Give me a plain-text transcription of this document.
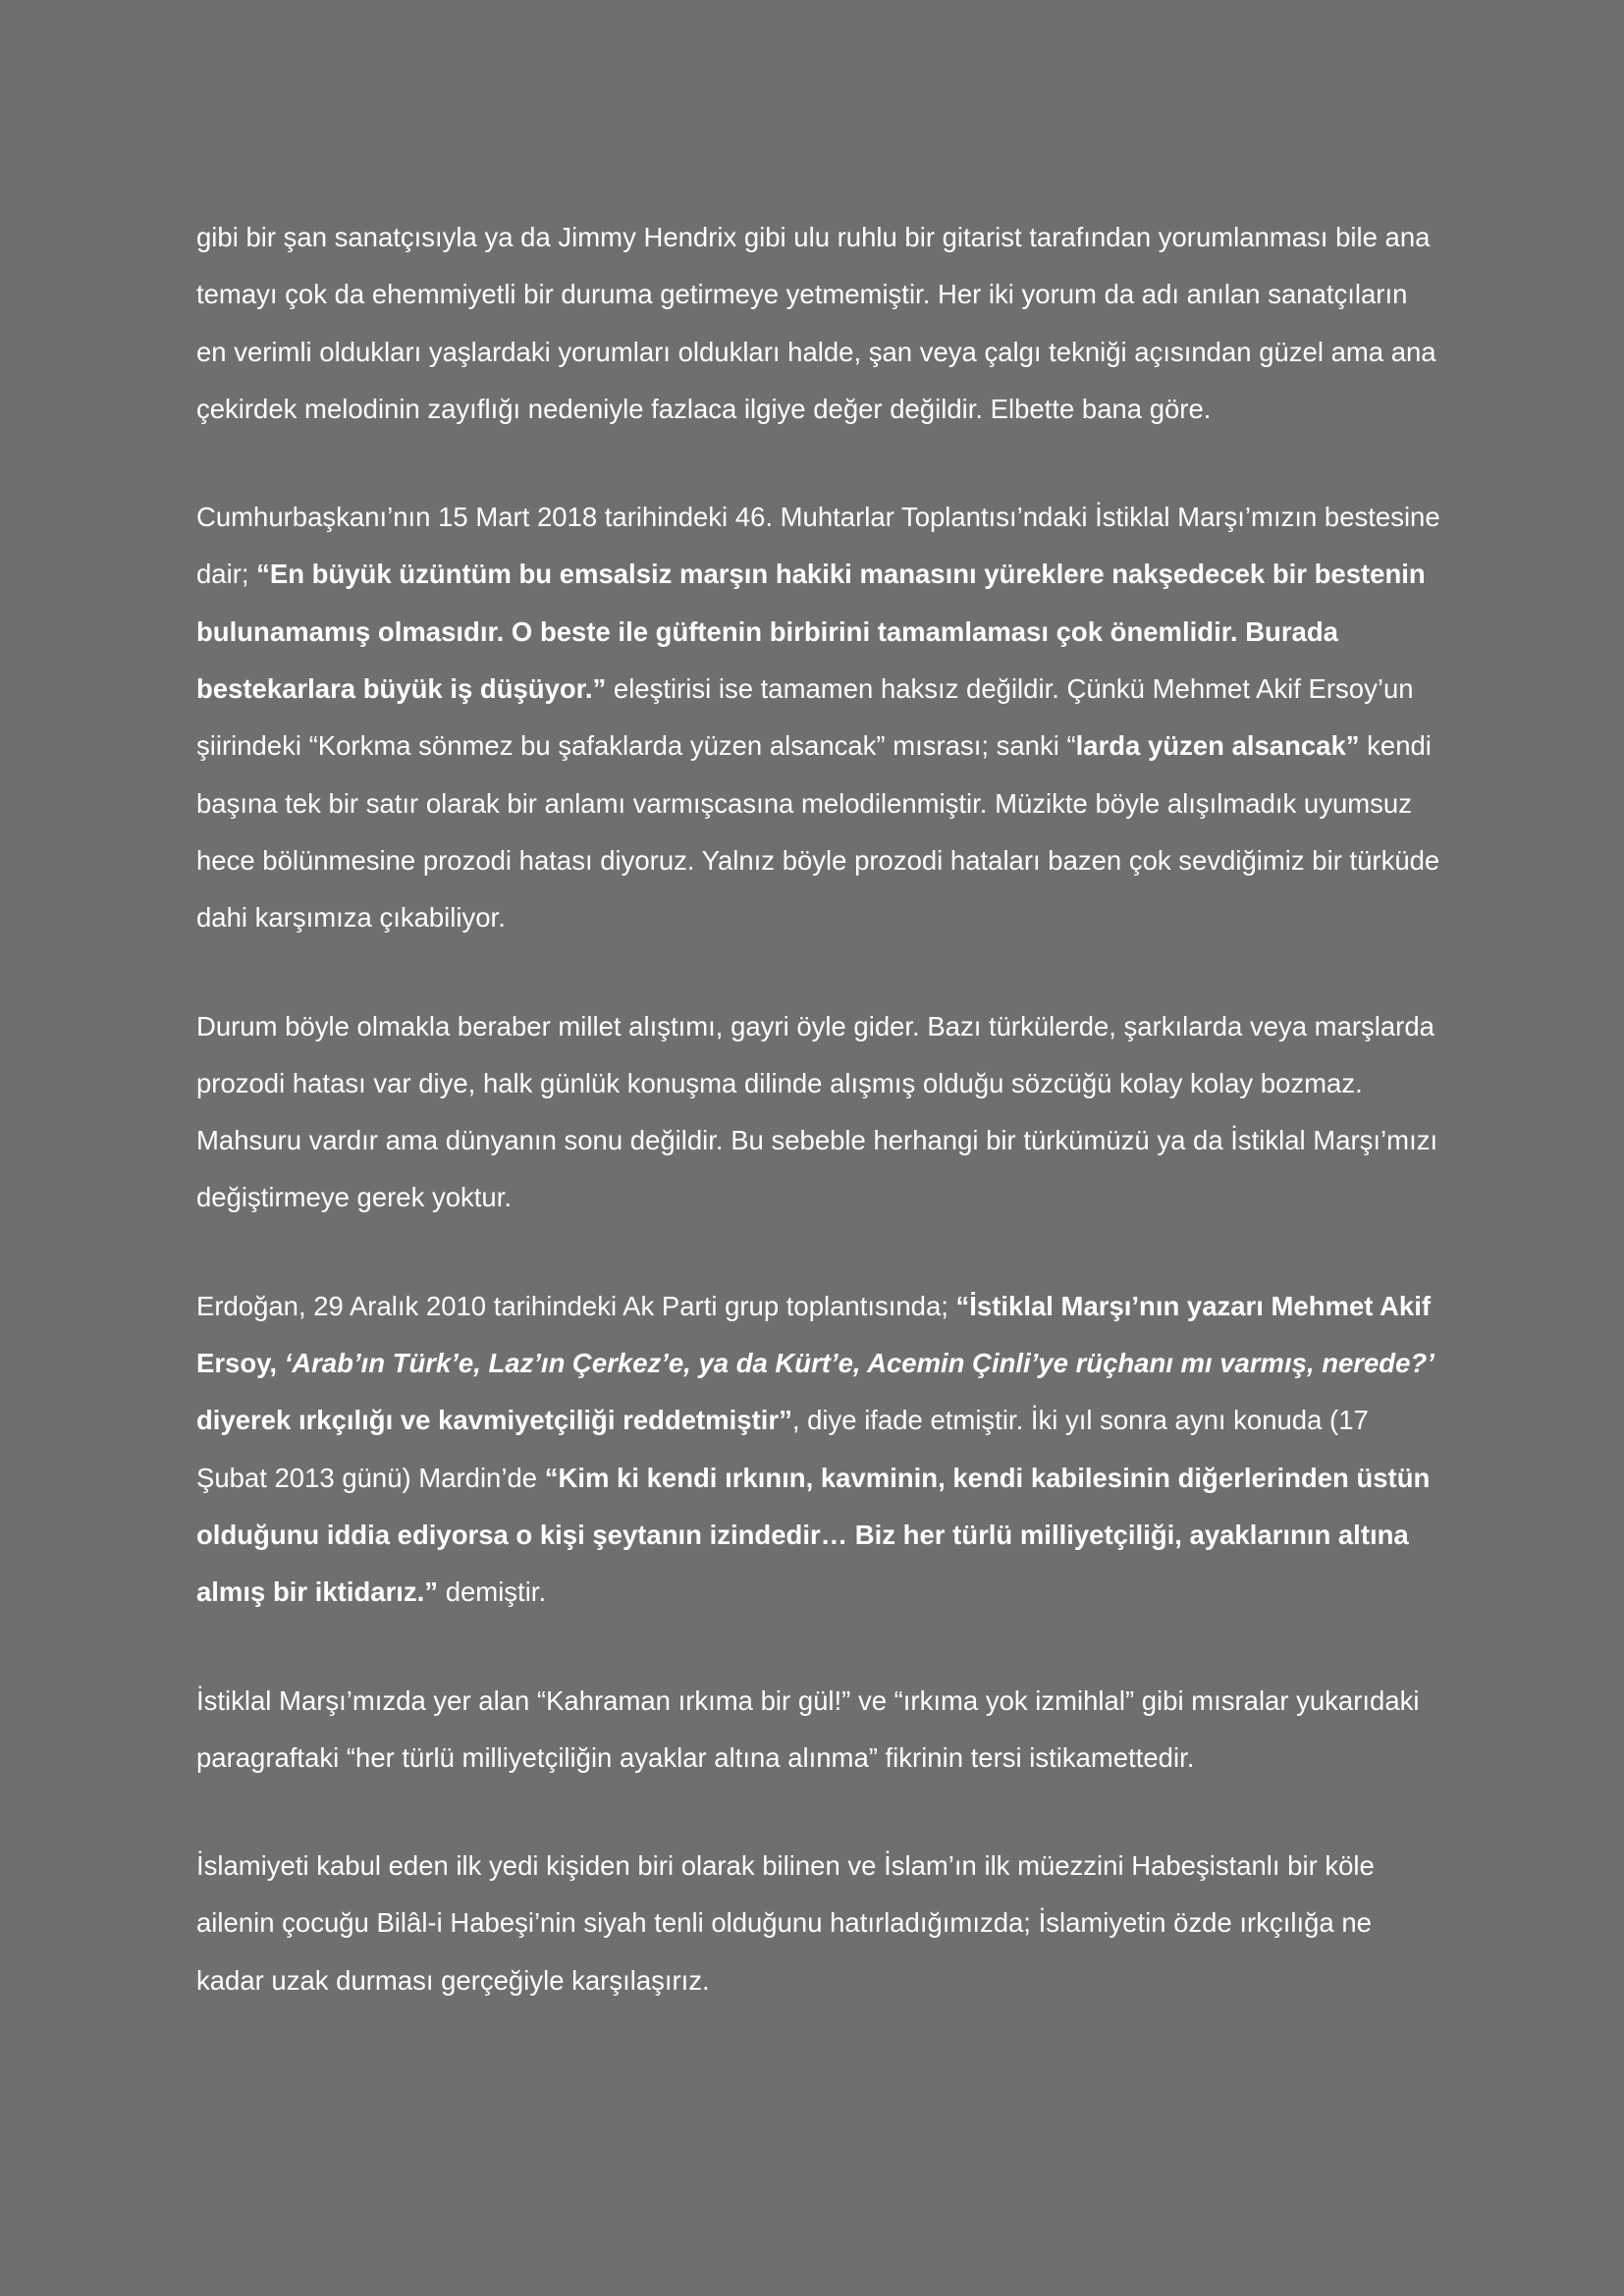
gibi bir şan sanatçısıyla ya da Jimmy Hendrix gibi ulu ruhlu bir gitarist tarafından yorumlanması bile ana temayı çok da ehemmiyetli bir duruma getirmeye yetmemiştir. Her iki yorum da adı anılan sanatçıların en verimli oldukları yaşlardaki yorumları oldukları halde, şan veya çalgı tekniği açısından güzel ama ana çekirdek melodinin zayıflığı nedeniyle fazlaca ilgiye değer değildir. Elbette bana göre.

Cumhurbaşkanı’nın 15 Mart 2018 tarihindeki 46. Muhtarlar Toplantısı’ndaki İstiklal Marşı’mızın bestesine dair; “En büyük üzüntüm bu emsalsiz marşın hakiki manasını yüreklere nakşedecek bir bestenin bulunamamış olmasıdır. O beste ile güftenin birbirini tamamlaması çok önemlidir. Burada bestekarlara büyük iş düşüyor.” eleştirisi ise tamamen haksız değildir. Çünkü Mehmet Akif Ersoy’un şiirindeki “Korkma sönmez bu şafaklarda yüzen alsancak” mısrası; sanki “larda yüzen alsancak” kendi başına tek bir satır olarak bir anlamı varmışcasına melodilenmiştir. Müzikte böyle alışılmadık uyumsuz hece bölünmesine prozodi hatası diyoruz. Yalnız böyle prozodi hataları bazen çok sevdiğimiz bir türküde dahi karşımıza çıkabiliyor.

Durum böyle olmakla beraber millet alıştımı, gayri öyle gider. Bazı türkülerde, şarkılarda veya marşlarda prozodi hatası var diye, halk günlük konuşma dilinde alışmış olduğu sözcüğü kolay kolay bozmaz. Mahsuru vardır ama dünyanın sonu değildir. Bu sebeble herhangi bir türkümüzü ya da İstiklal Marşı’mızı değiştirmeye gerek yoktur.

Erdoğan, 29 Aralık 2010 tarihindeki Ak Parti grup toplantısında; “İstiklal Marşı’nın yazarı Mehmet Akif Ersoy, ‘Arab’ın Türk’e, Laz’ın Çerkez’e, ya da Kürt’e, Acemin Çinli’ye rüçhanı mı varmış, nerede?’ diyerek ırkçılığı ve kavmiyetçiliği reddetmiştir”, diye ifade etmiştir. İki yıl sonra aynı konuda (17 Şubat 2013 günü) Mardin’de “Kim ki kendi ırkının, kavminin, kendi kabilesinin diğerlerinden üstün olduğunu iddia ediyorsa o kişi şeytanın izindedir… Biz her türlü milliyetçiliği, ayaklarının altına almış bir iktidarız.” demiştir.

İstiklal Marşı’mızda yer alan “Kahraman ırkıma bir gül!” ve “ırkıma yok izmihlal” gibi mısralar yukarıdaki paragraftaki “her türlü milliyetçiliğin ayaklar altına alınma” fikrinin tersi istikamettedir.

İslamiyeti kabul eden ilk yedi kişiden biri olarak bilinen ve İslam’ın ilk müezzini Habeşistanlı bir köle ailenin çocuğu Bilâl-i Habeşi’nin siyah tenli olduğunu hatırladığımızda; İslamiyetin özde ırkçılığa ne kadar uzak durması gerçeğiyle karşılaşırız.
